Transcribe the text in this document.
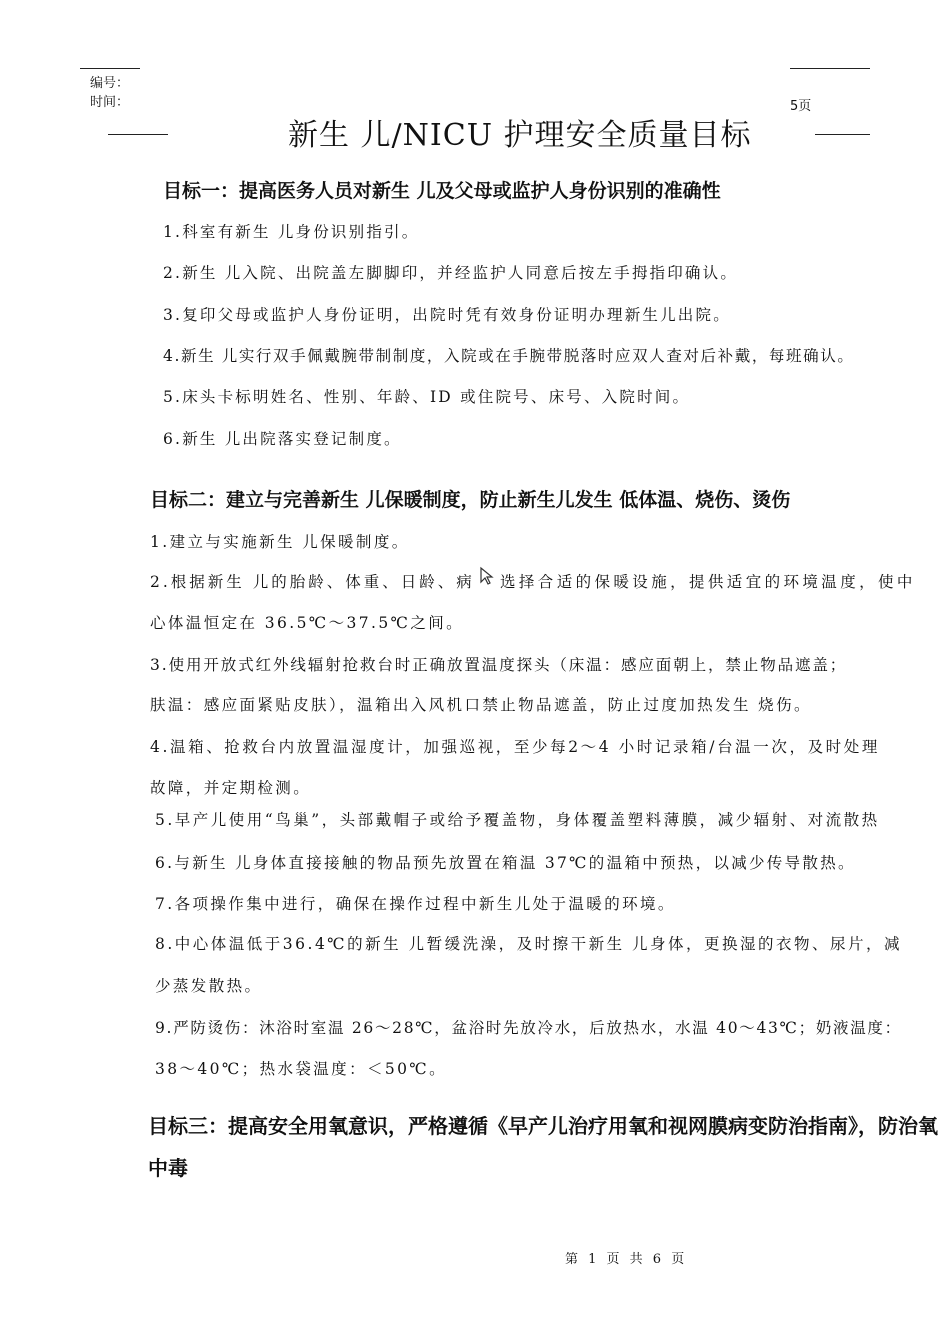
编号：
时间：	5页
新生 儿/NICU 护理安全质量目标
目标一：提高医务人员对新生 儿及父母或监护人身份识别的准确性
1.科室有新生 儿身份识别指引。
2.新生 儿入院、出院盖左脚脚印，并经监护人同意后按左手拇指印确认。
3.复印父母或监护人身份证明，出院时凭有效身份证明办理新生儿出院。
4.新生 儿实行双手佩戴腕带制制度，入院或在手腕带脱落时应双人查对后补戴，每班确认。
5.床头卡标明姓名、性别、年龄、ID 或住院号、床号、入院时间。
6.新生 儿出院落实登记制度。
目标二：建立与完善新生 儿保暖制度，防止新生儿发生 低体温、烧伤、烫伤
1.建立与实施新生 儿保暖制度。
2.根据新生 儿的胎龄、体重、日龄、病 选择合适的保暖设施，提供适宜的环境温度，使中
心体温恒定在 36.5℃～37.5℃之间。
3.使用开放式红外线辐射抢救台时正确放置温度探头（床温：感应面朝上，禁止物品遮盖；
肤温：感应面紧贴皮肤），温箱出入风机口禁止物品遮盖，防止过度加热发生 烧伤。
4.温箱、抢救台内放置温湿度计，加强巡视，至少每2～4 小时记录箱/台温一次，及时处理
故障，并定期检测。
5.早产儿使用“鸟巢”，头部戴帽子或给予覆盖物，身体覆盖塑料薄膜，减少辐射、对流散热
6.与新生 儿身体直接接触的物品预先放置在箱温 37℃的温箱中预热，以减少传导散热。
7.各项操作集中进行，确保在操作过程中新生儿处于温暖的环境。
8.中心体温低于36.4℃的新生 儿暂缓洗澡，及时擦干新生 儿身体，更换湿的衣物、尿片，减
少蒸发散热。
9.严防烫伤：沐浴时室温 26～28℃，盆浴时先放冷水，后放热水，水温 40～43℃；奶液温度：
38～40℃；热水袋温度：＜50℃。
目标三：提高安全用氧意识，严格遵循《早产儿治疗用氧和视网膜病变防治指南》，防治氧
中毒
第 1 页 共 6 页
